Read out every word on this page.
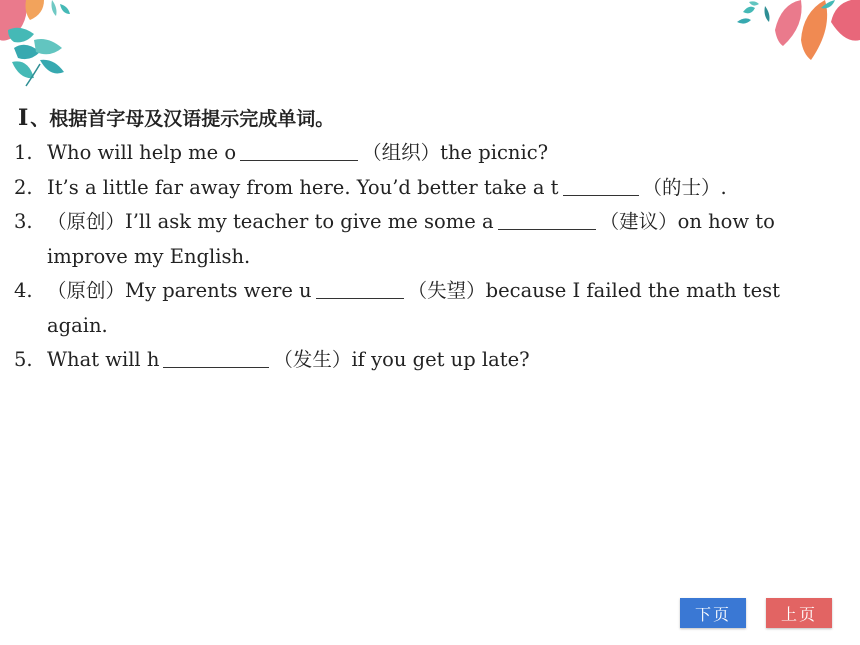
I 、根据首字母及汉语提示完成单词。
1. Who will help me o	（组织）the picnic?
2. It’s a little far away from here. You’d better take a t	（的士）.
3. （原创）I’ll ask my teacher to give me some a	（建议）on how to improve my English.
4. （原创）My parents were u	（失望）because I failed the math test again.
5. What will h	（发生）if you get up late?
下页	上页
